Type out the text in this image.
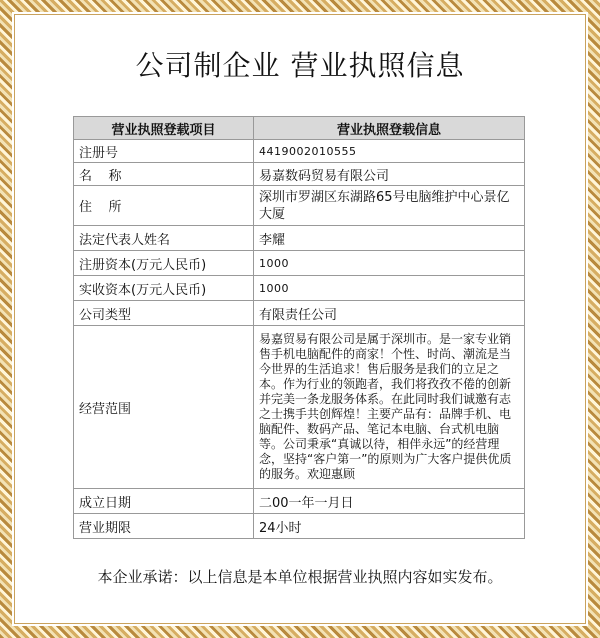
公司制企业 营业执照信息
营业执照登载项目	营业执照登载信息
注册号	4419002010555
名    称	易嘉数码贸易有限公司
住    所	深圳市罗湖区东湖路65号电脑维护中心景亿大厦
法定代表人姓名	李耀
注册资本(万元人民币)	1000
实收资本(万元人民币)	1000
公司类型	有限责任公司
经营范围	易嘉贸易有限公司是属于深圳市。是一家专业销售手机电脑配件的商家！个性、时尚、潮流是当今世界的生活追求！售后服务是我们的立足之本。作为行业的领跑者，我们将孜孜不倦的创新并完美一条龙服务体系。在此同时我们诚邀有志之士携手共创辉煌！主要产品有：品牌手机、电脑配件、数码产品、笔记本电脑、台式机电脑等。公司秉承“真诚以待，相伴永远”的经营理念，坚持“客户第一”的原则为广大客户提供优质的服务。欢迎惠顾
成立日期	二00一年一月日
营业期限	24小时
本企业承诺：以上信息是本单位根据营业执照内容如实发布。
